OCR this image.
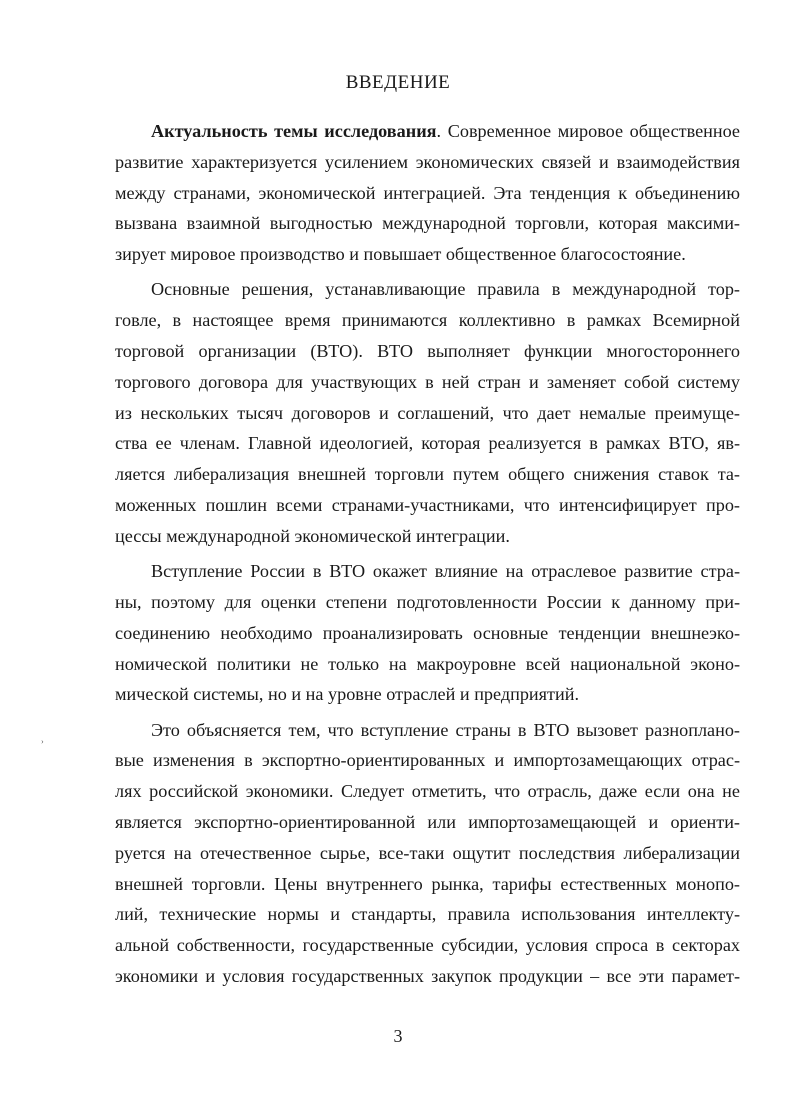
ВВЕДЕНИЕ
Актуальность темы исследования. Современное мировое общественное
развитие характеризуется усилением экономических связей и взаимодействия
между странами, экономической интеграцией. Эта тенденция к объединению
вызвана взаимной выгодностью международной торговли, которая максими-
зирует мировое производство и повышает общественное благосостояние.
Основные решения, устанавливающие правила в международной тор-
говле, в настоящее время принимаются коллективно в рамках Всемирной
торговой организации (ВТО). ВТО выполняет функции многостороннего
торгового договора для участвующих в ней стран и заменяет собой систему
из нескольких тысяч договоров и соглашений, что дает немалые преимуще-
ства ее членам. Главной идеологией, которая реализуется в рамках ВТО, яв-
ляется либерализация внешней торговли путем общего снижения ставок та-
моженных пошлин всеми странами-участниками, что интенсифицирует про-
цессы международной экономической интеграции.
Вступление России в ВТО окажет влияние на отраслевое развитие стра-
ны, поэтому для оценки степени подготовленности России к данному при-
соединению необходимо проанализировать основные тенденции внешнеэко-
номической политики не только на макроуровне всей национальной эконо-
мической системы, но и на уровне отраслей и предприятий.
Это объясняется тем, что вступление страны в ВТО вызовет разноплано-
вые изменения в экспортно-ориентированных и импортозамещающих отрас-
лях российской экономики. Следует отметить, что отрасль, даже если она не
является экспортно-ориентированной или импортозамещающей и ориенти-
руется на отечественное сырье, все-таки ощутит последствия либерализации
внешней торговли. Цены внутреннего рынка, тарифы естественных монопо-
лий, технические нормы и стандарты, правила использования интеллекту-
альной собственности, государственные субсидии, условия спроса в секторах
экономики и условия государственных закупок продукции – все эти парамет-
›
3
